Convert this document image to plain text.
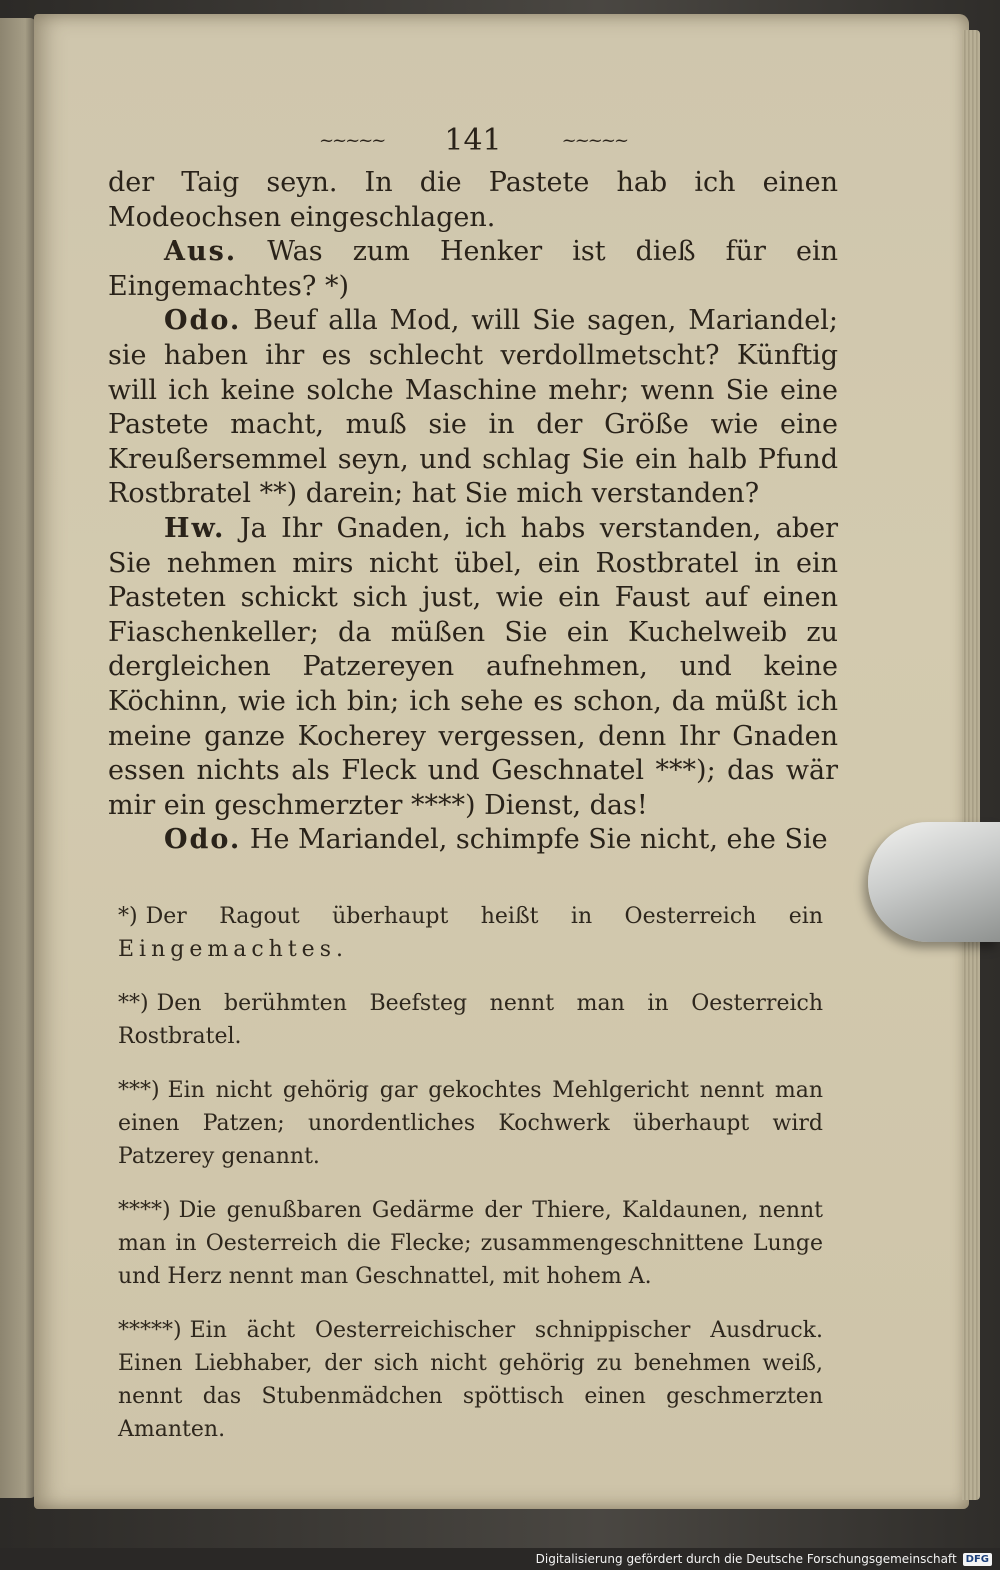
~~~~~ 141	~~~~~

der Taig seyn. In die Pastete hab ich einen Modeochsen eingeschlagen.

Aus. Was zum Henker ist dieß für ein Eingemachtes? *)

Odo. Beuf alla Mod, will Sie sagen, Mariandel; sie haben ihr es schlecht verdollmetscht? Künftig will ich keine solche Maschine mehr; wenn Sie eine Pastete macht, muß sie in der Größe wie eine Kreußersemmel seyn, und schlag Sie ein halb Pfund Rostbratel **) darein; hat Sie mich verstanden?

Hw. Ja Ihr Gnaden, ich habs verstanden, aber Sie nehmen mirs nicht übel, ein Rostbratel in ein Pasteten schickt sich just, wie ein Faust auf einen Fiaschenkeller; da müßen Sie ein Kuchelweib zu dergleichen Patzereyen aufnehmen, und keine Köchinn, wie ich bin; ich sehe es schon, da müßt ich meine ganze Kocherey vergessen, denn Ihr Gnaden essen nichts als Fleck und Geschnatel ***); das wär mir ein geschmerzter ****) Dienst, das!

Odo. He Mariandel, schimpfe Sie nicht, ehe Sie

*) Der Ragout überhaupt heißt in Oesterreich ein Eingemachtes.

**) Den berühmten Beefsteg nennt man in Oesterreich Rostbratel.

***) Ein nicht gehörig gar gekochtes Mehlgericht nennt man einen Patzen; unordentliches Kochwerk überhaupt wird Patzerey genannt.

****) Die genußbaren Gedärme der Thiere, Kaldaunen, nennt man in Oesterreich die Flecke; zusammengeschnittene Lunge und Herz nennt man Geschnattel, mit hohem A.

*****) Ein ächt Oesterreichischer schnippischer Ausdruck. Einen Liebhaber, der sich nicht gehörig zu benehmen weiß, nennt das Stubenmädchen spöttisch einen geschmerzten Amanten.

Digitalisierung gefördert durch die Deutsche Forschungsgemeinschaft DFG
